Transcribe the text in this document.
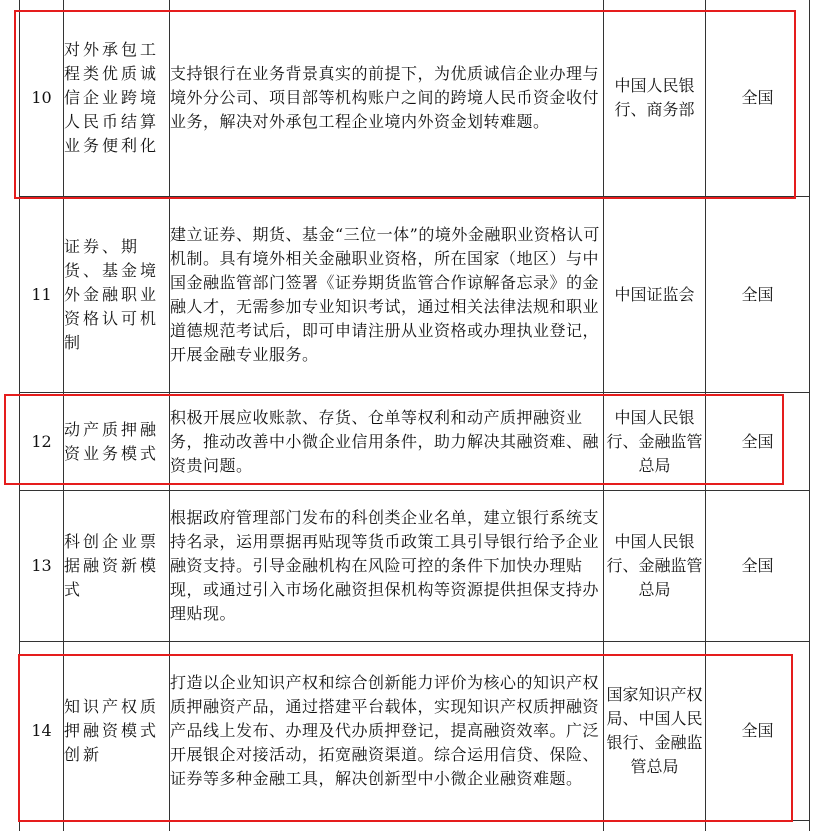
10	对外承包工程类优质诚信企业跨境人民币结算业务便利化	支持银行在业务背景真实的前提下，为优质诚信企业办理与境外分公司、项目部等机构账户之间的跨境人民币资金收付业务，解决对外承包工程企业境内外资金划转难题。	中国人民银行、商务部	全国
11	证券、期货、基金境外金融职业资格认可机制	建立证券、期货、基金“三位一体”的境外金融职业资格认可机制。具有境外相关金融职业资格，所在国家（地区）与中国金融监管部门签署《证券期货监管合作谅解备忘录》的金融人才，无需参加专业知识考试，通过相关法律法规和职业道德规范考试后，即可申请注册从业资格或办理执业登记，开展金融专业服务。	中国证监会	全国
12	动产质押融资业务模式	积极开展应收账款、存货、仓单等权利和动产质押融资业务，推动改善中小微企业信用条件，助力解决其融资难、融资贵问题。	中国人民银行、金融监管总局	全国
13	科创企业票据融资新模式	根据政府管理部门发布的科创类企业名单，建立银行系统支持名录，运用票据再贴现等货币政策工具引导银行给予企业融资支持。引导金融机构在风险可控的条件下加快办理贴现，或通过引入市场化融资担保机构等资源提供担保支持办理贴现。	中国人民银行、金融监管总局	全国
14	知识产权质押融资模式创新	打造以企业知识产权和综合创新能力评价为核心的知识产权质押融资产品，通过搭建平台载体，实现知识产权质押融资产品线上发布、办理及代办质押登记，提高融资效率。广泛开展银企对接活动，拓宽融资渠道。综合运用信贷、保险、证券等多种金融工具，解决创新型中小微企业融资难题。	国家知识产权局、中国人民银行、金融监管总局	全国
